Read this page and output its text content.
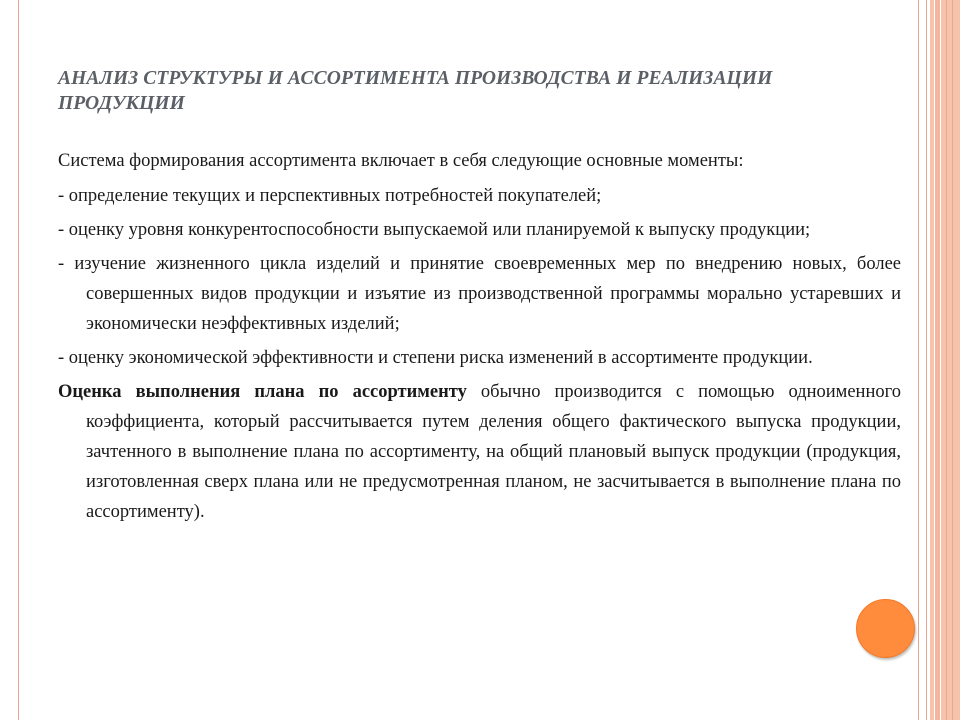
АНАЛИЗ СТРУКТУРЫ И АССОРТИМЕНТА ПРОИЗВОДСТВА И РЕАЛИЗАЦИИ ПРОДУКЦИИ

Система формирования ассортимента включает в себя следующие основные моменты:

- определение текущих и перспективных потребностей покупателей;

- оценку уровня конкурентоспособности выпускаемой или планируемой к выпуску продукции;

- изучение жизненного цикла изделий и принятие своевременных мер по внедрению новых, более совершенных видов продукции и изъятие из производственной программы морально устаревших и экономически неэффективных изделий;

- оценку экономической эффективности и степени риска изменений в ассортименте продукции.

Оценка выполнения плана по ассортименту обычно производится с помощью одноименного коэффициента, который рассчитывается путем деления общего фактического выпуска продукции, зачтенного в выполнение плана по ассортименту, на общий плановый выпуск продукции (продукция, изготовленная сверх плана или не предусмотренная планом, не засчитывается в выполнение плана по ассортименту).
